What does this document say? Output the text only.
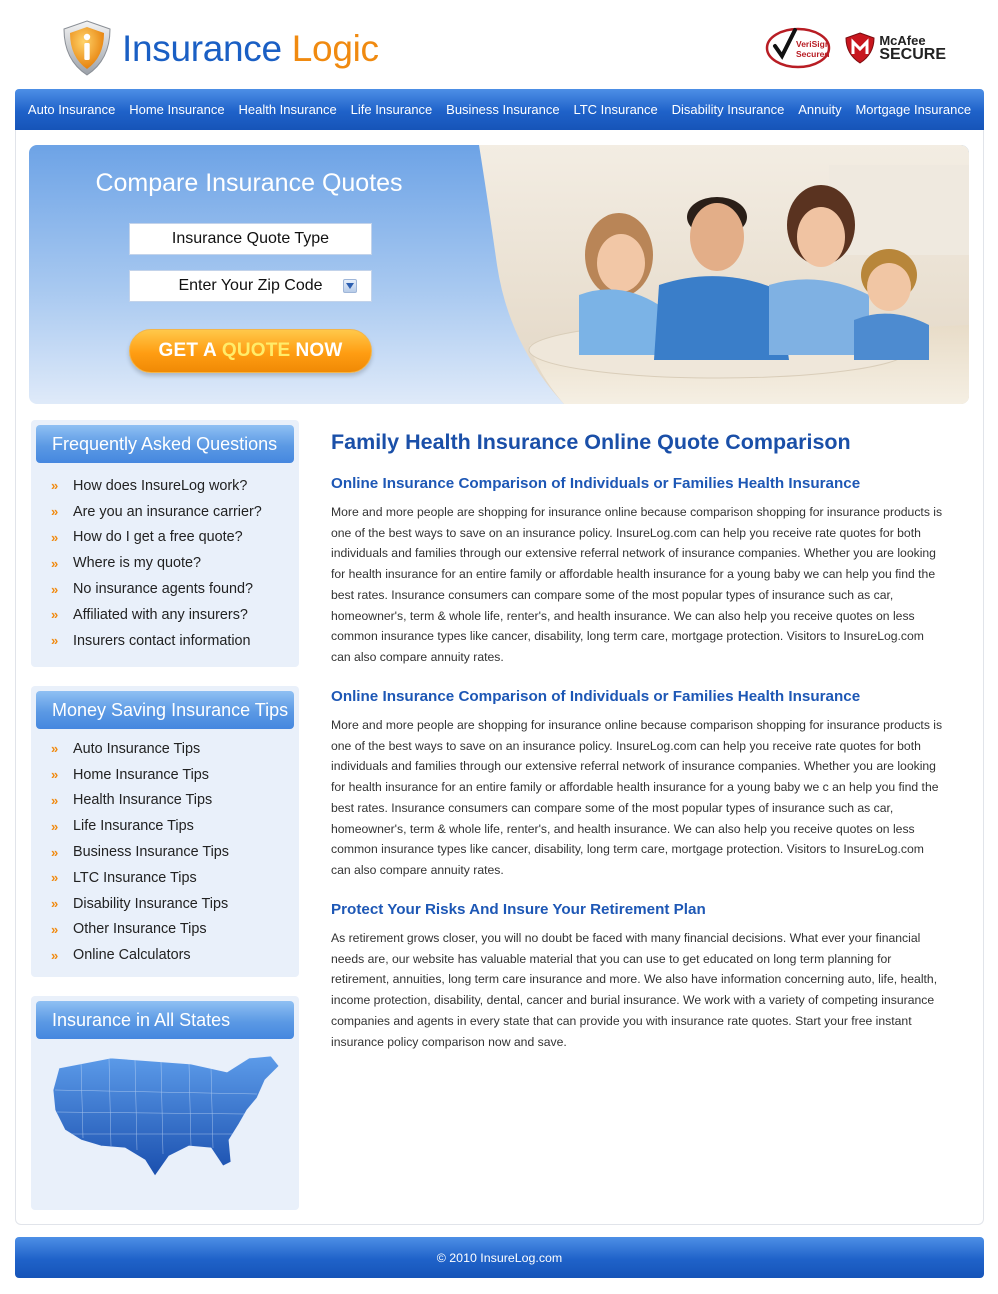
Insurance Logic	VeriSign
Secured
McAfee
SECURE
Auto Insurance Home Insurance Health Insurance Life Insurance Business Insurance LTC Insurance Disability Insurance Annuity Mortgage Insurance
Compare Insurance Quotes
Insurance Quote Type
Enter Your Zip Code
GET A QUOTE NOW
Frequently Asked Questions
»	How does InsureLog work?
»	Are you an insurance carrier?
»	How do I get a free quote?
»	Where is my quote?
»	No insurance agents found?
»	Affiliated with any insurers?
»	Insurers contact information
Money Saving Insurance Tips
»	Auto Insurance Tips
»	Home Insurance Tips
»	Health Insurance Tips
»	Life Insurance Tips
»	Business Insurance Tips
»	LTC Insurance Tips
»	Disability Insurance Tips
»	Other Insurance Tips
»	Online Calculators
Insurance in All States
Family Health Insurance Online Quote Comparison
Online Insurance Comparison of Individuals or Families Health Insurance

More and more people are shopping for insurance online because comparison shopping for insurance products is one of the best ways to save on an insurance policy. InsureLog.com can help you receive rate quotes for both individuals and families through our extensive referral network of insurance companies. Whether you are looking for health insurance for an entire family or affordable health insurance for a young baby we can help you find the best rates. Insurance consumers can compare some of the most popular types of insurance such as car, homeowner's, term & whole life, renter's, and health insurance. We can also help you receive quotes on less common insurance types like cancer, disability, long term care, mortgage protection. Visitors to InsureLog.com can also compare annuity rates.

Online Insurance Comparison of Individuals or Families Health Insurance

More and more people are shopping for insurance online because comparison shopping for insurance products is one of the best ways to save on an insurance policy. InsureLog.com can help you receive rate quotes for both individuals and families through our extensive referral network of insurance companies. Whether you are looking for health insurance for an entire family or affordable health insurance for a young baby we c an help you find the best rates. Insurance consumers can compare some of the most popular types of insurance such as car, homeowner's, term & whole life, renter's, and health insurance. We can also help you receive quotes on less common insurance types like cancer, disability, long term care, mortgage protection. Visitors to InsureLog.com can also compare annuity rates.

Protect Your Risks And Insure Your Retirement Plan

As retirement grows closer, you will no doubt be faced with many financial decisions. What ever your financial needs are, our website has valuable material that you can use to get educated on long term planning for retirement, annuities, long term care insurance and more. We also have information concerning auto, life, health, income protection, disability, dental, cancer and burial insurance. We work with a variety of competing insurance companies and agents in every state that can provide you with insurance rate quotes. Start your free instant insurance policy comparison now and save.

© 2010 InsureLog.com
